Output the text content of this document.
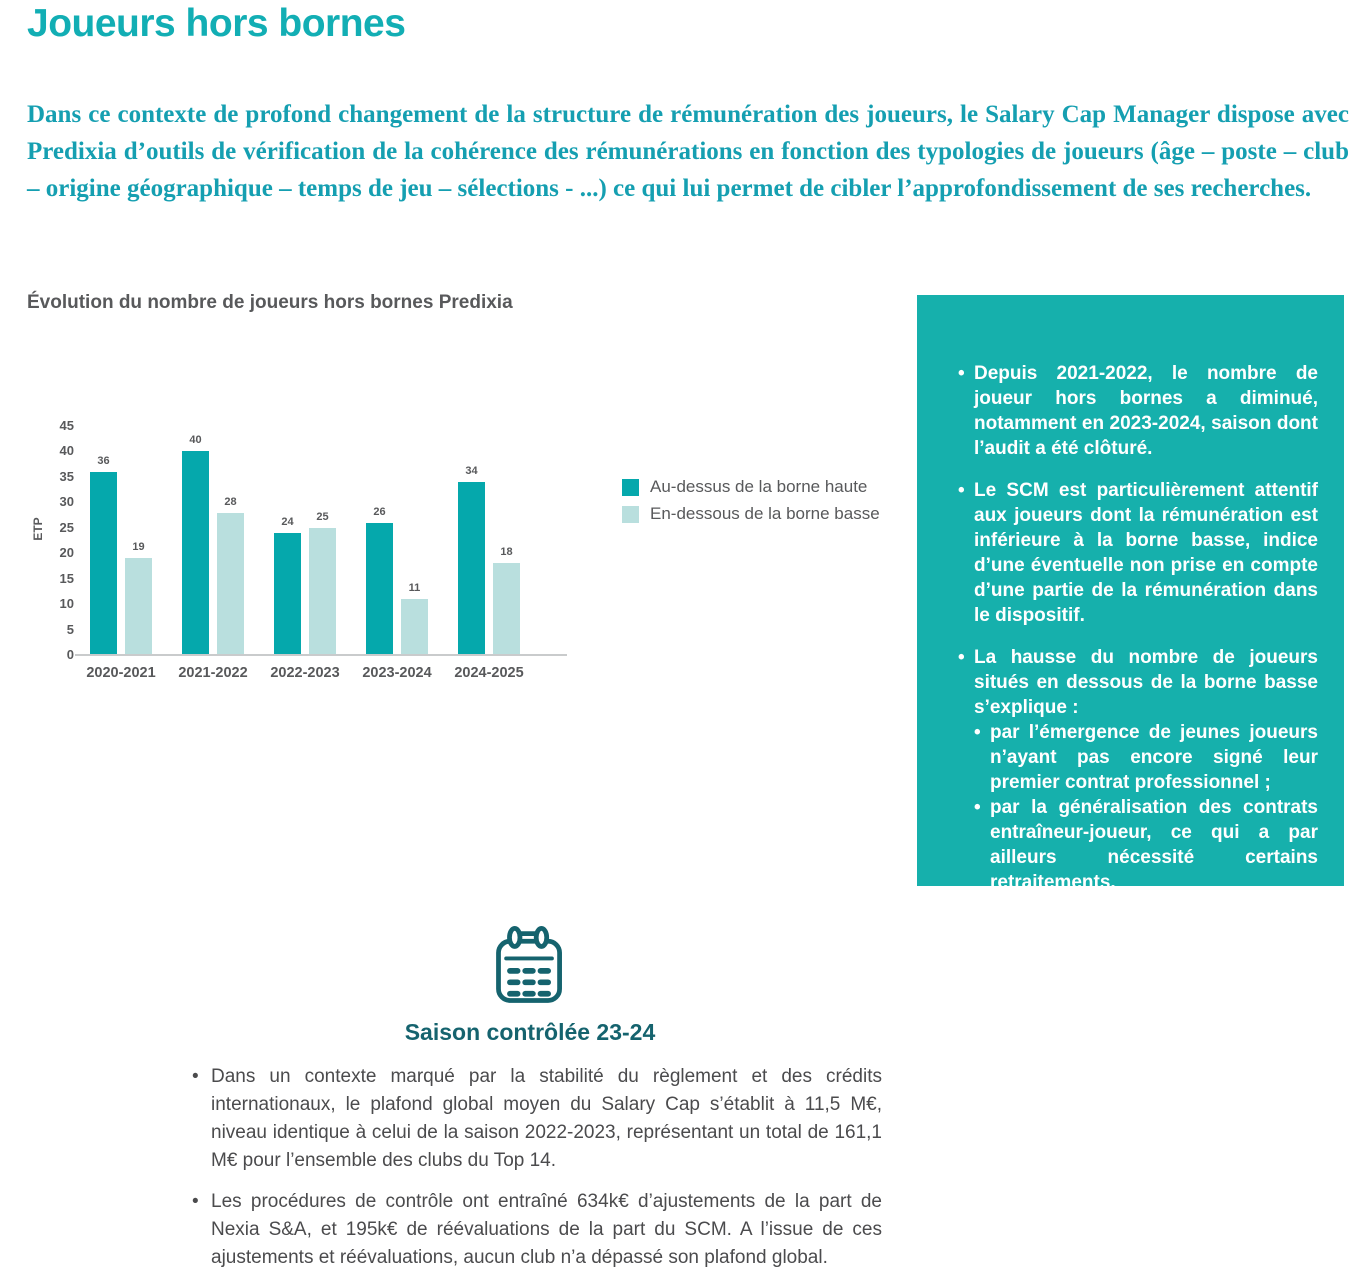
Joueurs hors bornes

Dans ce contexte de profond changement de la structure de rémunération des joueurs, le Salary Cap Manager dispose avec Predixia d’outils de vérification de la cohérence des rémunérations en fonction des typologies de joueurs (âge – poste – club – origine géographique – temps de jeu – sélections - ...) ce qui lui permet de cibler l’approfondissement de ses recherches.

Évolution du nombre de joueurs hors bornes Predixia
ETP
0
5
10
15
20
25
30
35
40
45
36
19
2020-2021
40
28
2021-2022
24 25
2022-2023
26
11
2023-2024
34
18
2024-2025
Au-dessus de la borne haute
En-dessous de la borne basse
• Depuis 2021-2022, le nombre de joueur hors bornes a diminué, notamment en 2023-2024, saison dont l’audit a été clôturé.
• Le SCM est particulièrement attentif aux joueurs dont la rémunération est inférieure à la borne basse, indice d’une éventuelle non prise en compte d’une partie de la rémunération dans le dispositif.
• La hausse du nombre de joueurs situés en dessous de la borne basse s’explique :
• par l’émergence de jeunes joueurs n’ayant pas encore signé leur premier contrat professionnel ;
• par la généralisation des contrats entraîneur-joueur, ce qui a par ailleurs nécessité certains retraitements.
Saison contrôlée 23-24
• Dans un contexte marqué par la stabilité du règlement et des crédits internationaux, le plafond global moyen du Salary Cap s’établit à 11,5 M€, niveau identique à celui de la saison 2022-2023, représentant un total de 161,1 M€ pour l’ensemble des clubs du Top 14.
• Les procédures de contrôle ont entraîné 634k€ d’ajustements de la part de Nexia S&A, et 195k€ de réévaluations de la part du SCM. A l’issue de ces ajustements et réévaluations, aucun club n’a dépassé son plafond global.
